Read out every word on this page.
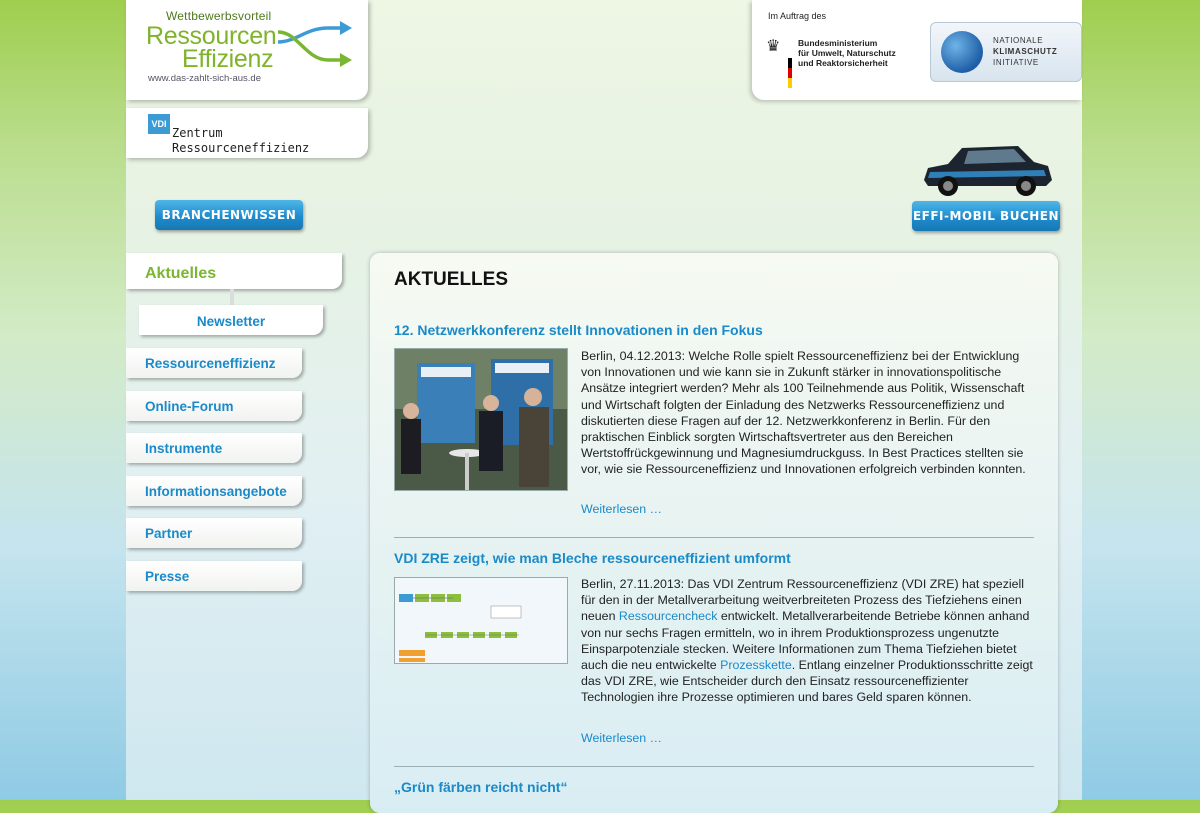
Wettbewerbsvorteil
Ressourcen
Effizienz
www.das-zahlt-sich-aus.de
VDI
Zentrum
Ressourceneffizienz
Im Auftrag des
♛ Bundesministerium
für Umwelt, Naturschutz
und Reaktorsicherheit
NATIONALE
KLIMASCHUTZ
INITIATIVE
BRANCHENWISSEN	EFFI-MOBIL BUCHEN
Aktuelles
Newsletter
Ressourceneffizienz
Online-Forum
Instrumente
Informationsangebote
Partner
Presse
AKTUELLES
12. Netzwerkkonferenz stellt Innovationen in den Fokus

Berlin, 04.12.2013: Welche Rolle spielt Ressourceneffizienz bei der Entwicklung von Innovationen und wie kann sie in Zukunft stärker in innovationspolitische Ansätze integriert werden? Mehr als 100 Teilnehmende aus Politik, Wissenschaft und Wirtschaft folgten der Einladung des Netzwerks Ressourceneffizienz und diskutierten diese Fragen auf der 12. Netzwerkkonferenz in Berlin. Für den praktischen Einblick sorgten Wirtschaftsvertreter aus den Bereichen Wertstoffrückgewinnung und Magnesiumdruckguss. In Best Practices stellten sie vor, wie sie Ressourceneffizienz und Innovationen erfolgreich verbinden konnten.

Weiterlesen …
VDI ZRE zeigt, wie man Bleche ressourceneffizient umformt

Berlin, 27.11.2013: Das VDI Zentrum Ressourceneffizienz (VDI ZRE) hat speziell für den in der Metallverarbeitung weitverbreiteten Prozess des Tiefziehens einen neuen Ressourcencheck entwickelt. Metallverarbeitende Betriebe können anhand von nur sechs Fragen ermitteln, wo in ihrem Produktionsprozess ungenutzte Einsparpotenziale stecken. Weitere Informationen zum Thema Tiefziehen bietet auch die neu entwickelte Prozesskette. Entlang einzelner Produktionsschritte zeigt das VDI ZRE, wie Entscheider durch den Einsatz ressourceneffizienter Technologien ihre Prozesse optimieren und bares Geld sparen können.

Weiterlesen …
„Grün färben reicht nicht“
